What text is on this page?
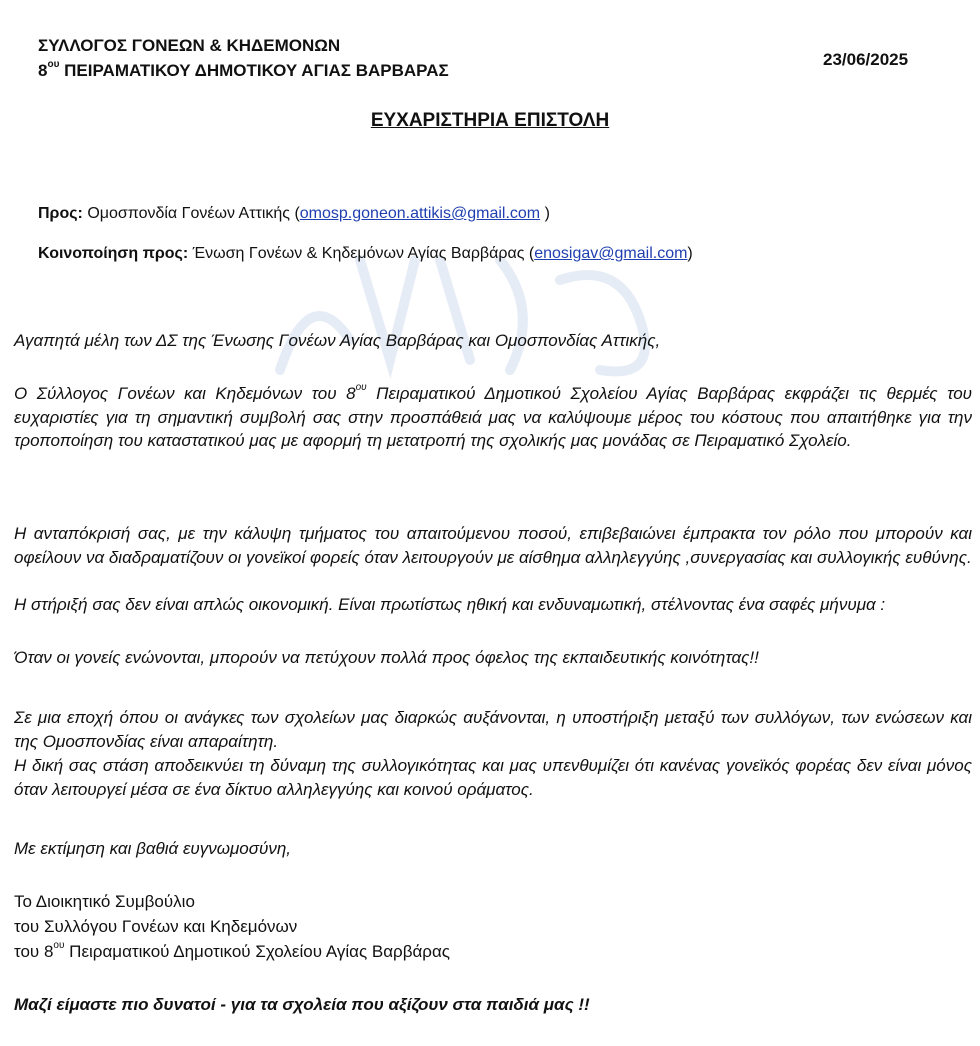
ΣΥΛΛΟΓΟΣ ΓΟΝΕΩΝ & ΚΗΔΕΜΟΝΩΝ
$8^{o\upsilon}$ ΠΕΙΡΑΜΑΤΙΚΟΥ ΔΗΜΟΤΙΚΟΥ ΑΓΙΑΣ ΒΑΡΒΑΡΑΣ
23/06/2025
ΕΥΧΑΡΙΣΤΗΡΙΑ ΕΠΙΣΤΟΛΗ
Προς: Ομοσπονδία Γονέων Αττικής (omosp.goneon.attikis@gmail.com )
Κοινοποίηση προς: Ένωση Γονέων & Κηδεμόνων Αγίας Βαρβάρας (enosigav@gmail.com)
Αγαπητά μέλη των ΔΣ της Ένωσης Γονέων Αγίας Βαρβάρας και Ομοσπονδίας Αττικής,
Ο Σύλλογος Γονέων και Κηδεμόνων του $8^{o\upsilon}$ Πειραματικού Δημοτικού Σχολείου Αγίας Βαρβάρας εκφράζει τις θερμές του ευχαριστίες για τη σημαντική συμβολή σας στην προσπάθειά μας να καλύψουμε μέρος του κόστους που απαιτήθηκε για την τροποποίηση του καταστατικού μας με αφορμή τη μετατροπή της σχολικής μας μονάδας σε Πειραματικό Σχολείο.
Η ανταπόκρισή σας, με την κάλυψη τμήματος του απαιτούμενου ποσού, επιβεβαιώνει έμπρακτα τον ρόλο που μπορούν και οφείλουν να διαδραματίζουν οι γονεϊκοί φορείς όταν λειτουργούν με αίσθημα αλληλεγγύης ,συνεργασίας και συλλογικής ευθύνης.
Η στήριξή σας δεν είναι απλώς οικονομική. Είναι πρωτίστως ηθική και ενδυναμωτική, στέλνοντας ένα σαφές μήνυμα :
Όταν οι γονείς ενώνονται, μπορούν να πετύχουν πολλά προς όφελος της εκπαιδευτικής κοινότητας!!
Σε μια εποχή όπου οι ανάγκες των σχολείων μας διαρκώς αυξάνονται, η υποστήριξη μεταξύ των συλλόγων, των ενώσεων και της Ομοσπονδίας είναι απαραίτητη.
Η δική σας στάση αποδεικνύει τη δύναμη της συλλογικότητας και μας υπενθυμίζει ότι κανένας γονεϊκός φορέας δεν είναι μόνος όταν λειτουργεί μέσα σε ένα δίκτυο αλληλεγγύης και κοινού οράματος.
Με εκτίμηση και βαθιά ευγνωμοσύνη,
Το Διοικητικό Συμβούλιο
του Συλλόγου Γονέων και Κηδεμόνων
του $8^{o\upsilon}$ Πειραματικού Δημοτικού Σχολείου Αγίας Βαρβάρας
Μαζί είμαστε πιο δυνατοί - για τα σχολεία που αξίζουν στα παιδιά μας !!
